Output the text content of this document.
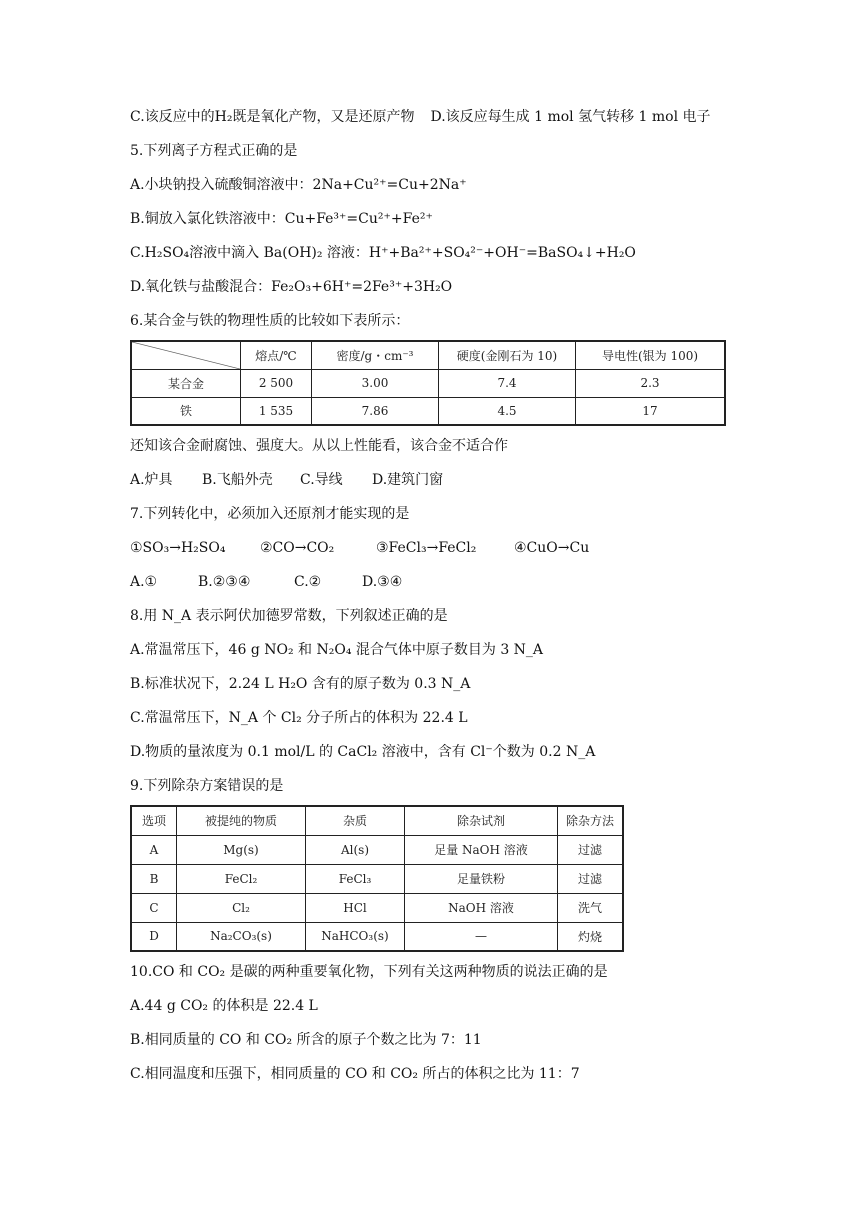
C.该反应中的H₂既是氧化产物，又是还原产物 D.该反应每生成 1 mol 氢气转移 1 mol 电子
5.下列离子方程式正确的是
A.小块钠投入硫酸铜溶液中：2Na+Cu²⁺=Cu+2Na⁺
B.铜放入氯化铁溶液中：Cu+Fe³⁺=Cu²⁺+Fe²⁺
C.H₂SO₄溶液中滴入 Ba(OH)₂ 溶液：H⁺+Ba²⁺+SO₄²⁻+OH⁻=BaSO₄↓+H₂O
D.氧化铁与盐酸混合：Fe₂O₃+6H⁺=2Fe³⁺+3H₂O
6.某合金与铁的物理性质的比较如下表所示：
	熔点/℃	密度/g・cm⁻³	硬度(金刚石为 10)	导电性(银为 100)
某合金	2 500	3.00	7.4	2.3
铁	1 535	7.86	4.5	17
还知该合金耐腐蚀、强度大。从以上性能看，该合金不适合作
A.炉具 B.飞船外壳 C.导线 D.建筑门窗
7.下列转化中，必须加入还原剂才能实现的是
①SO₃→H₂SO₄ ②CO→CO₂	③FeCl₃→FeCl₂	④CuO→Cu
A.①	B.②③④	C.②	D.③④
8.用 N_A 表示阿伏加德罗常数，下列叙述正确的是
A.常温常压下，46 g NO₂ 和 N₂O₄ 混合气体中原子数目为 3 N_A
B.标准状况下，2.24 L H₂O 含有的原子数为 0.3 N_A
C.常温常压下，N_A 个 Cl₂ 分子所占的体积为 22.4 L
D.物质的量浓度为 0.1 mol/L 的 CaCl₂ 溶液中，含有 Cl⁻个数为 0.2 N_A
9.下列除杂方案错误的是
选项	被提纯的物质	杂质	除杂试剂	除杂方法
A	Mg(s)	Al(s)	足量 NaOH 溶液	过滤
B	FeCl₂	FeCl₃	足量铁粉	过滤
C	Cl₂	HCl	NaOH 溶液	洗气
D	Na₂CO₃(s)	NaHCO₃(s)	—	灼烧
10.CO 和 CO₂ 是碳的两种重要氧化物，下列有关这两种物质的说法正确的是
A.44 g CO₂ 的体积是 22.4 L
B.相同质量的 CO 和 CO₂ 所含的原子个数之比为 7：11
C.相同温度和压强下，相同质量的 CO 和 CO₂ 所占的体积之比为 11：7
